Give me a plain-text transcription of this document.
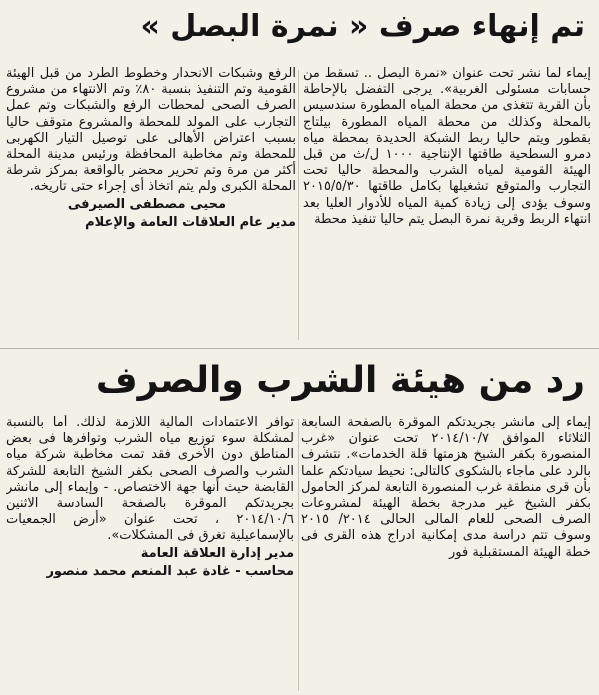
تم إنهاء صرف « نمرة البصل »

إيماء لما نشر تحت عنوان «نمرة البصل .. تسقط من حسابات مسئولى الغربية». يرجى التفضل بالإحاطة بأن القرية تتغذى من محطة المياه المطورة سندسيس بالمحلة وكذلك من محطة المياه المطورة بيلتاج بقطور ويتم حاليا ربط الشبكة الحديدة بمحطة مياه دمرو السطحية طاقتها الإنتاجية ١٠٠٠ ل/ث من قبل الهيئة القومية لمياه الشرب والمحطة حاليا تحت التجارب والمتوقع تشغيلها بكامل طاقتها ٢٠١٥/٥/٣٠ وسوف يؤدى إلى زيادة كمية المياه للأدوار العليا بعد انتهاء الربط وقرية نمرة البصل يتم حاليا تنفيذ محطة

الرفع وشبكات الانحدار وخطوط الطرد من قبل الهيئة القومية وتم التنفيذ بنسبة ٨٠٪ وتم الانتهاء من مشروع الصرف الصحى لمحطات الرفع والشبكات وتم عمل التجارب على المولد للمحطة والمشروع متوقف حاليا بسبب اعتراض الأهالى على توصيل التيار الكهربى للمحطة وتم مخاطبة المحافظة ورئيس مدينة المحلة أكثر من مرة وتم تحرير محضر بالواقعة بمركز شرطة المحلة الكبرى ولم يتم اتخاذ أى إجراء حتى تاريخه.

محيى مصطفى الصيرفى

مدير عام العلاقات العامة والإعلام

رد من هيئة الشرب والصرف

إيماء إلى مانشر بجريدتكم الموقرة بالصفحة السابعة الثلاثاء الموافق ٢٠١٤/١٠/٧ تحت عنوان «غرب المنصورة بكفر الشيخ هزمتها قلة الخدمات». نتشرف بالرد على ماجاء بالشكوى كالتالى: نحيط سيادتكم علما بأن قرى منطقة غرب المنصورة التابعة لمركز الحامول بكفر الشيخ غير مدرجة بخطة الهيئة لمشروعات الصرف الصحى للعام المالى الحالى ٢٠١٤/ ٢٠١٥ وسوف تتم دراسة مدى إمكانية ادراج هذه القرى فى خطة الهيئة المستقبلية فور

توافر الاعتمادات المالية اللازمة لذلك. أما بالنسبة لمشكلة سوء توزيع مياه الشرب وتوافرها فى بعض المناطق دون الأخرى فقد تمت مخاطبة شركة مياه الشرب والصرف الصحى بكفر الشيخ التابعة للشركة القابضة حيث أنها جهة الاختصاص. - وإيماء إلى مانشر بجريدتكم الموقرة بالصفحة السادسة الاثنين ٢٠١٤/١٠/٦ ، تحت عنوان «أرض الجمعيات بالإسماعيلية تغرق فى المشكلات».

مدير إدارة العلاقة العامة

محاسب - غادة عبد المنعم محمد منصور
